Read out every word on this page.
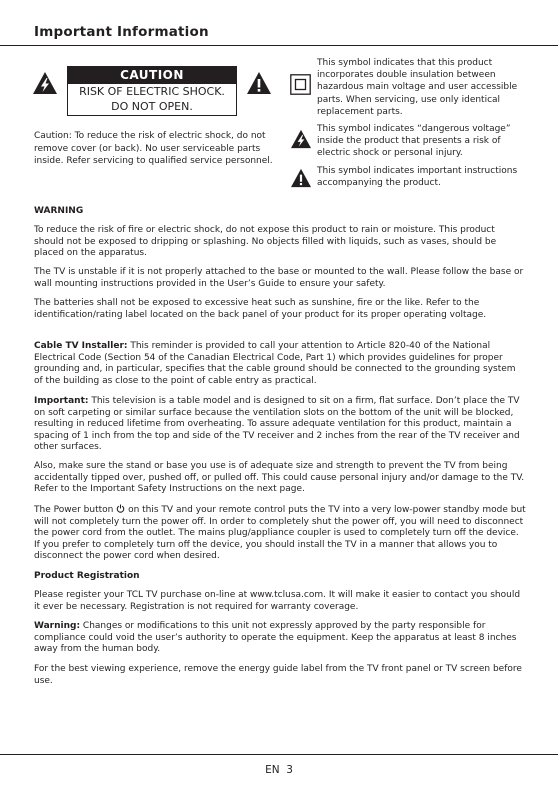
Important Information
CAUTION
RISK OF ELECTRIC SHOCK.
DO NOT OPEN.
Caution: To reduce the risk of electric shock, do not remove cover (or back). No user serviceable parts inside. Refer servicing to qualified service personnel.
This symbol indicates that this product incorporates double insulation between hazardous main voltage and user accessible parts. When servicing, use only identical replacement parts.
This symbol indicates “dangerous voltage” inside the product that presents a risk of electric shock or personal injury.
This symbol indicates important instructions accompanying the product.
WARNING
To reduce the risk of fire or electric shock, do not expose this product to rain or moisture. This product should not be exposed to dripping or splashing. No objects filled with liquids, such as vases, should be placed on the apparatus.
The TV is unstable if it is not properly attached to the base or mounted to the wall. Please follow the base or wall mounting instructions provided in the User’s Guide to ensure your safety.
The batteries shall not be exposed to excessive heat such as sunshine, fire or the like. Refer to the identification/rating label located on the back panel of your product for its proper operating voltage.
Cable TV Installer: This reminder is provided to call your attention to Article 820-40 of the National Electrical Code (Section 54 of the Canadian Electrical Code, Part 1) which provides guidelines for proper grounding and, in particular, specifies that the cable ground should be connected to the grounding system of the building as close to the point of cable entry as practical.
Important: This television is a table model and is designed to sit on a firm, flat surface. Don’t place the TV on soft carpeting or similar surface because the ventilation slots on the bottom of the unit will be blocked, resulting in reduced lifetime from overheating. To assure adequate ventilation for this product, maintain a spacing of 1 inch from the top and side of the TV receiver and 2 inches from the rear of the TV receiver and other surfaces.
Also, make sure the stand or base you use is of adequate size and strength to prevent the TV from being accidentally tipped over, pushed off, or pulled off. This could cause personal injury and/or damage to the TV. Refer to the Important Safety Instructions on the next page.
The Power button  on this TV and your remote control puts the TV into a very low-power standby mode but will not completely turn the power off. In order to completely shut the power off, you will need to disconnect the power cord from the outlet. The mains plug/appliance coupler is used to completely turn off the device. If you prefer to completely turn off the device, you should install the TV in a manner that allows you to disconnect the power cord when desired.
Product Registration
Please register your TCL TV purchase on-line at www.tclusa.com. It will make it easier to contact you should it ever be necessary. Registration is not required for warranty coverage.
Warning: Changes or modifications to this unit not expressly approved by the party responsible for compliance could void the user’s authority to operate the equipment. Keep the apparatus at least 8 inches away from the human body.
For the best viewing experience, remove the energy guide label from the TV front panel or TV screen before use.
EN 3
